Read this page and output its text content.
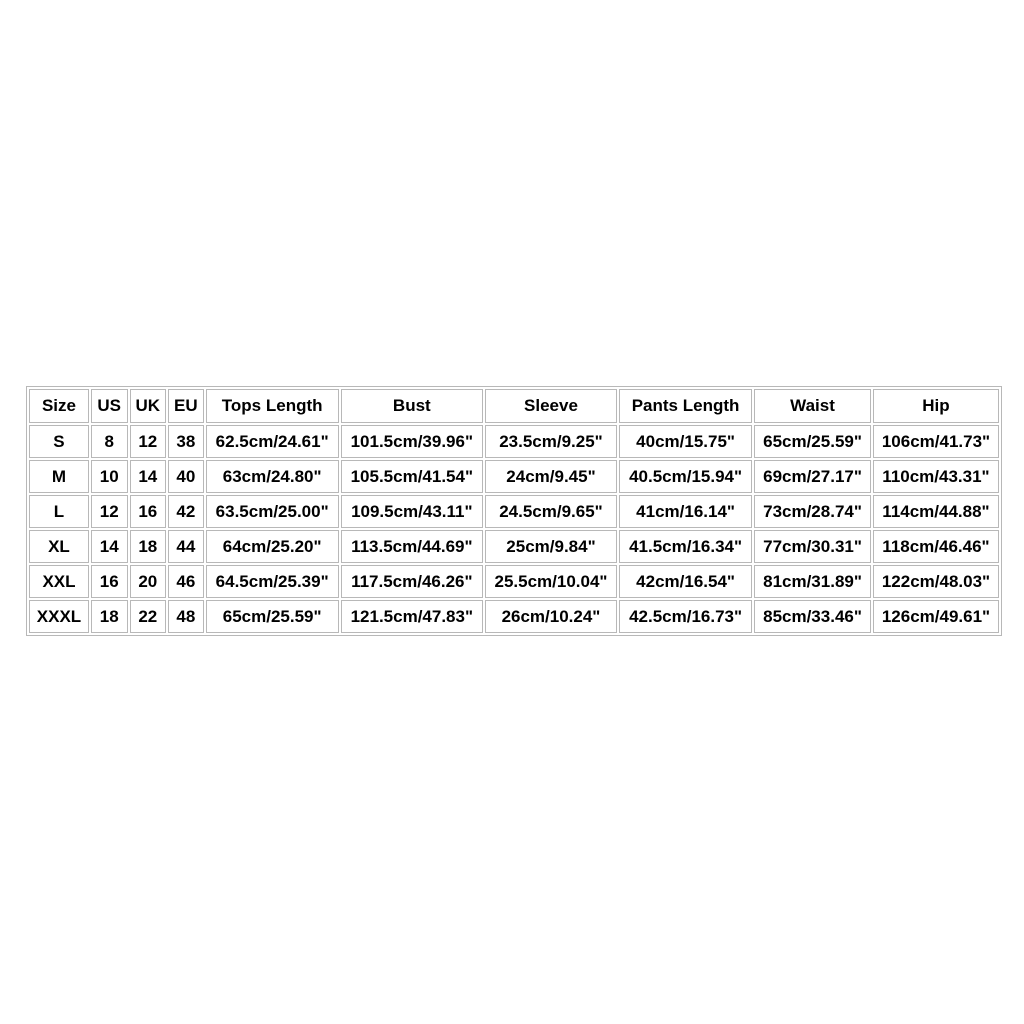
Size	US	UK	EU	Tops Length	Bust	Sleeve	Pants Length	Waist	Hip
S	8	12	38	62.5cm/24.61"	101.5cm/39.96"	23.5cm/9.25"	40cm/15.75"	65cm/25.59"	106cm/41.73"
M	10	14	40	63cm/24.80"	105.5cm/41.54"	24cm/9.45"	40.5cm/15.94"	69cm/27.17"	110cm/43.31"
L	12	16	42	63.5cm/25.00"	109.5cm/43.11"	24.5cm/9.65"	41cm/16.14"	73cm/28.74"	114cm/44.88"
XL	14	18	44	64cm/25.20"	113.5cm/44.69"	25cm/9.84"	41.5cm/16.34"	77cm/30.31"	118cm/46.46"
XXL	16	20	46	64.5cm/25.39"	117.5cm/46.26"	25.5cm/10.04"	42cm/16.54"	81cm/31.89"	122cm/48.03"
XXXL	18	22	48	65cm/25.59"	121.5cm/47.83"	26cm/10.24"	42.5cm/16.73"	85cm/33.46"	126cm/49.61"
